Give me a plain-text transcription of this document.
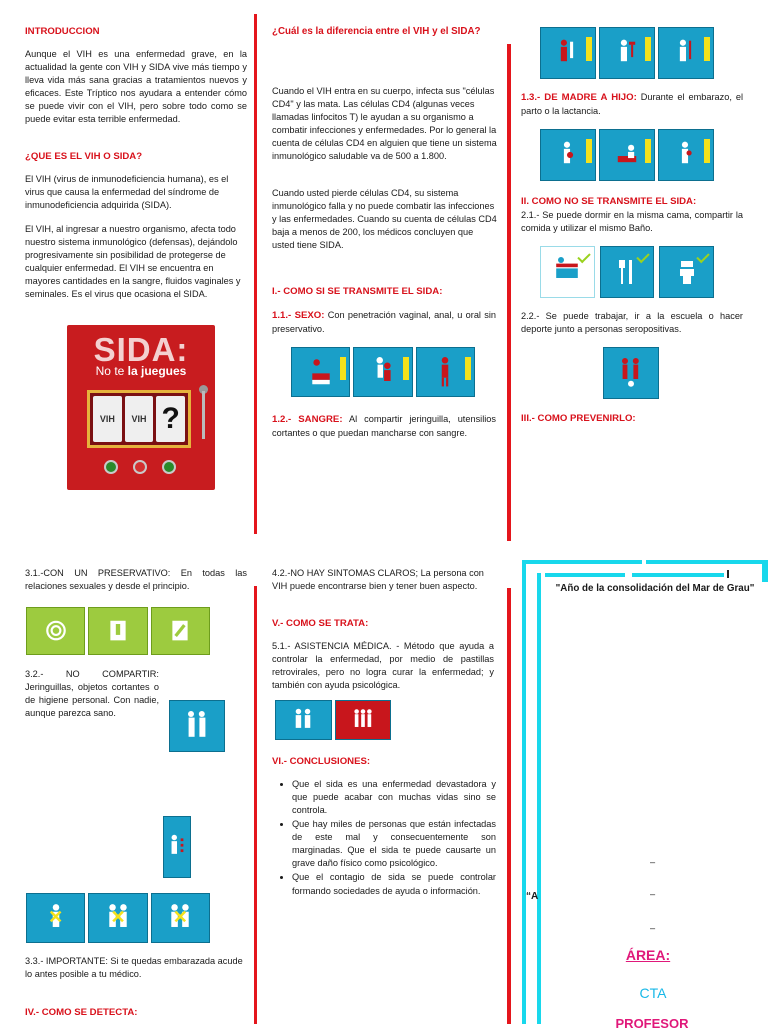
INTRODUCCION
Aunque el VIH es una enfermedad grave, en la actualidad la gente con VIH y SIDA vive más tiempo y lleva vida más sana gracias a tratamientos nuevos y eficaces. Este Tríptico nos ayudara a entender cómo se puede vivir con el VIH, pero sobre todo como se puede evitar esta terrible enfermedad.
¿QUE ES EL VIH O SIDA?
El VIH (virus de inmunodeficiencia humana), es el virus que causa la enfermedad del síndrome de inmunodeficiencia adquirida (SIDA).
El VIH, al ingresar a nuestro organismo, afecta todo nuestro sistema inmunológico (defensas), dejándolo progresivamente sin posibilidad de protegerse de cualquier enfermedad. El VIH se encuentra en mayores cantidades en la sangre, fluidos vaginales y seminales. Es el virus que ocasiona el SIDA.
SIDA:
No te la juegues
VIH	VIH ?
¿Cuál es la diferencia entre el VIH y el SIDA?
Cuando el VIH entra en su cuerpo, infecta sus "células CD4" y las mata. Las células CD4 (algunas veces llamadas linfocitos T) le ayudan a su organismo a combatir infecciones y enfermedades. Por lo general la cuenta de células CD4 en alguien que tiene un sistema inmunológico saludable va de 500 a 1.800.
Cuando usted pierde células CD4, su sistema inmunológico falla y no puede combatir las infecciones y las enfermedades. Cuando su cuenta de células CD4 baja a menos de 200, los médicos concluyen que usted tiene SIDA.
I.- COMO SI SE TRANSMITE EL SIDA:
1.1.- SEXO: Con penetración vaginal, anal, u oral sin preservativo.
1.2.- SANGRE: Al compartir jeringuilla, utensilios cortantes o que puedan mancharse con sangre.
1.3.- DE MADRE A HIJO: Durante el embarazo, el parto o la lactancia.
II. COMO NO SE TRANSMITE EL SIDA:
2.1.- Se puede dormir en la misma cama, compartir la comida y utilizar el mismo Baño.
2.2.- Se puede trabajar, ir a la escuela o hacer deporte junto a personas seropositivas.
III.- COMO PREVENIRLO:
3.1.-CON UN PRESERVATIVO: En todas las relaciones sexuales y desde el principio.
3.2.- NO COMPARTIR: Jeringuillas, objetos cortantes o de higiene personal. Con nadie, aunque parezca sano.
✕	✕	✕
3.3.- IMPORTANTE: Si te quedas embarazada acude lo antes posible a tu médico.
IV.- COMO SE DETECTA:
4.2.-NO HAY SINTOMAS CLAROS; La persona con VIH puede encontrarse bien y tener buen aspecto.
V.- COMO SE TRATA:
5.1.- ASISTENCIA MÉDICA. - Método que ayuda a controlar la enfermedad, por medio de pastillas retrovirales, pero no logra curar la enfermedad; y también con ayuda psicológica.
VI.- CONCLUSIONES:
• Que el sida es una enfermedad devastadora y que puede acabar con muchas vidas sino se controla.
• Que hay miles de personas que están infectadas de este mal y consecuentemente son marginadas. Que el sida te puede causarte un grave daño físico como psicológico.
• Que el contagio de sida se puede controlar formando sociedades de ayuda o información.
"Año de la consolidación del Mar de Grau"
“A
–
–
–
ÁREA:
CTA
PROFESOR
